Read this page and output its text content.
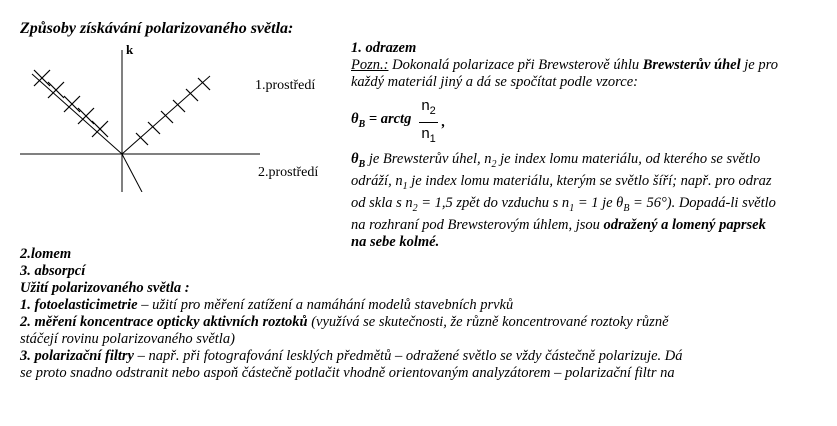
Způsoby získávání polarizovaného světla:
k
1.prostředí
2.prostředí
1. odrazem
Pozn.: Dokonalá polarizace při Brewsterově úhlu Brewsterův úhel je pro každý materiál jiný a dá se spočítat podle vzorce:
$\theta_B$ = arctg $\frac{n_2}{n_1}$ ,
$\theta_B$ je Brewsterův úhel, $n_2$ je index lomu materiálu, od kterého se světlo odráží, $n_1$ je index lomu materiálu, kterým se světlo šíří; např. pro odraz od skla s $n_2 = 1,5$ zpět do vzduchu s $n_1 = 1$ je $\theta_B = 56^\circ$). Dopadá-li světlo na rozhraní pod Brewsterovým úhlem, jsou odražený a lomený paprsek na sebe kolmé.
2.lomem
3. absorpcí
Užití polarizovaného světla :
1. fotoelasticimetrie – užití pro měření zatížení a namáhání modelů stavebních prvků
2. měření koncentrace opticky aktivních roztoků (využívá se skutečnosti, že různě koncentrované roztoky různě
stáčejí rovinu polarizovaného světla)
3. polarizační filtry – např. při fotografování lesklých předmětů – odražené světlo se vždy částečně polarizuje. Dá
se proto snadno odstranit nebo aspoň částečně potlačit vhodně orientovaným analyzátorem – polarizační filtr na
